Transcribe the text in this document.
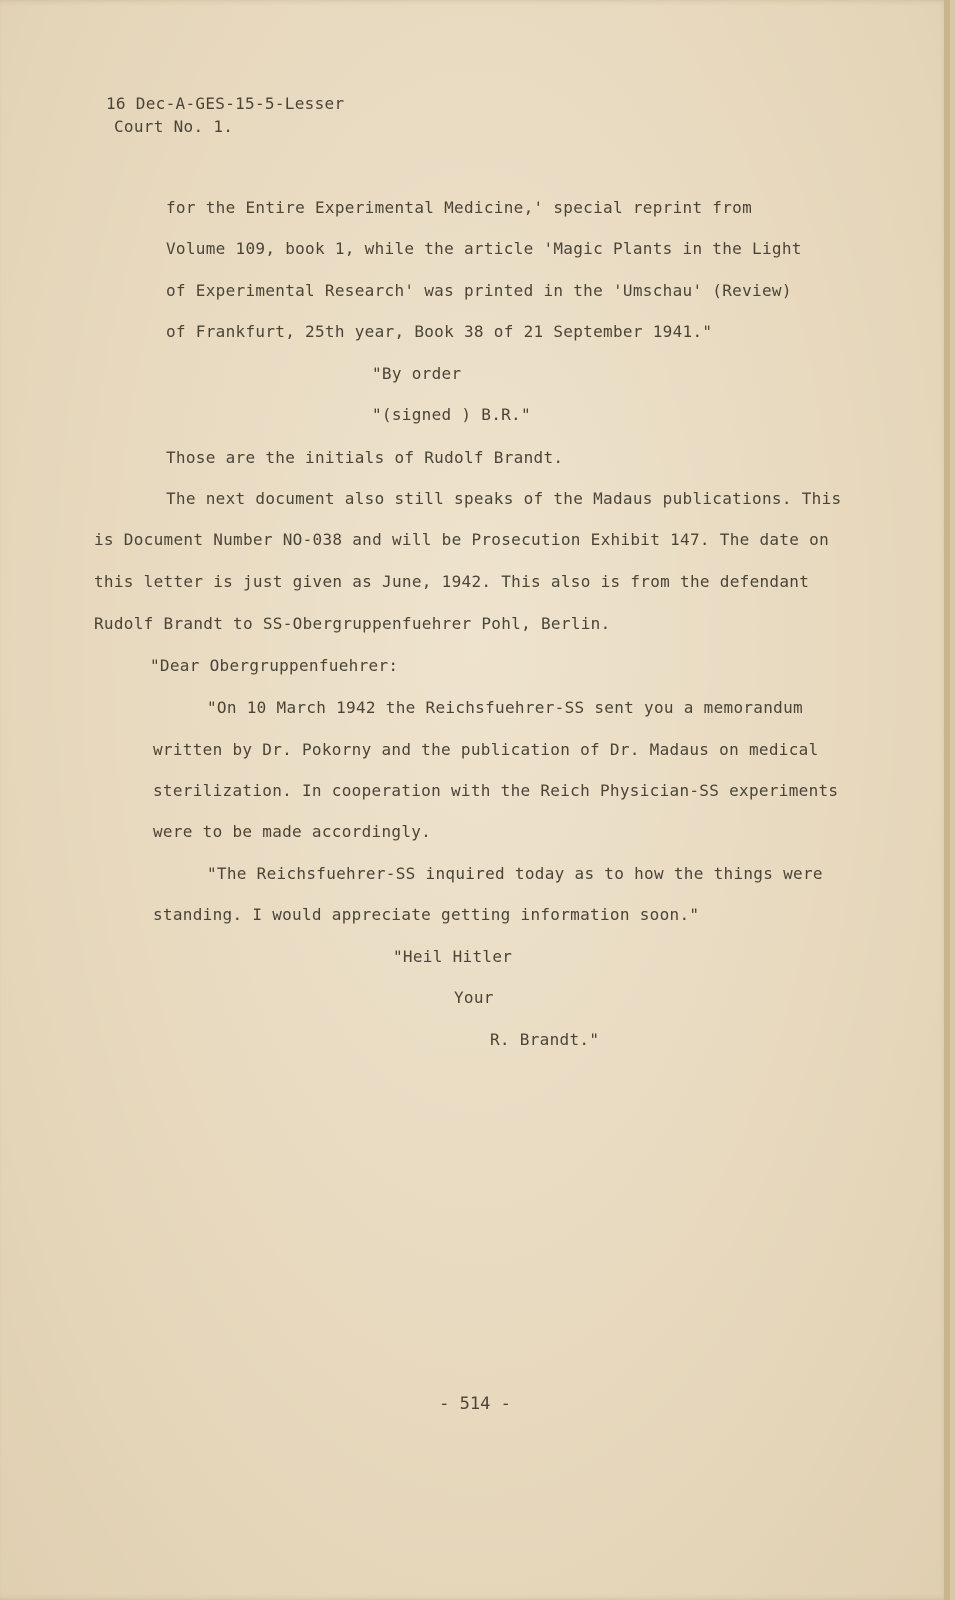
16 Dec-A-GES-15-5-Lesser

Court No. 1.

for the Entire Experimental Medicine,' special reprint from

Volume 109, book 1, while the article 'Magic Plants in the Light

of Experimental Research' was printed in the 'Umschau' (Review)

of Frankfurt, 25th year, Book 38 of 21 September 1941."

"By order

"(signed ) B.R."

Those are the initials of Rudolf Brandt.

The next document also still speaks of the Madaus publications. This

is Document Number NO-038 and will be Prosecution Exhibit 147. The date on

this letter is just given as June, 1942. This also is from the defendant

Rudolf Brandt to SS-Obergruppenfuehrer Pohl, Berlin.

"Dear Obergruppenfuehrer:

"On 10 March 1942 the Reichsfuehrer-SS sent you a memorandum

written by Dr. Pokorny and the publication of Dr. Madaus on medical

sterilization. In cooperation with the Reich Physician-SS experiments

were to be made accordingly.

"The Reichsfuehrer-SS inquired today as to how the things were

standing. I would appreciate getting information soon."

"Heil Hitler

Your

R. Brandt."

- 514 -
